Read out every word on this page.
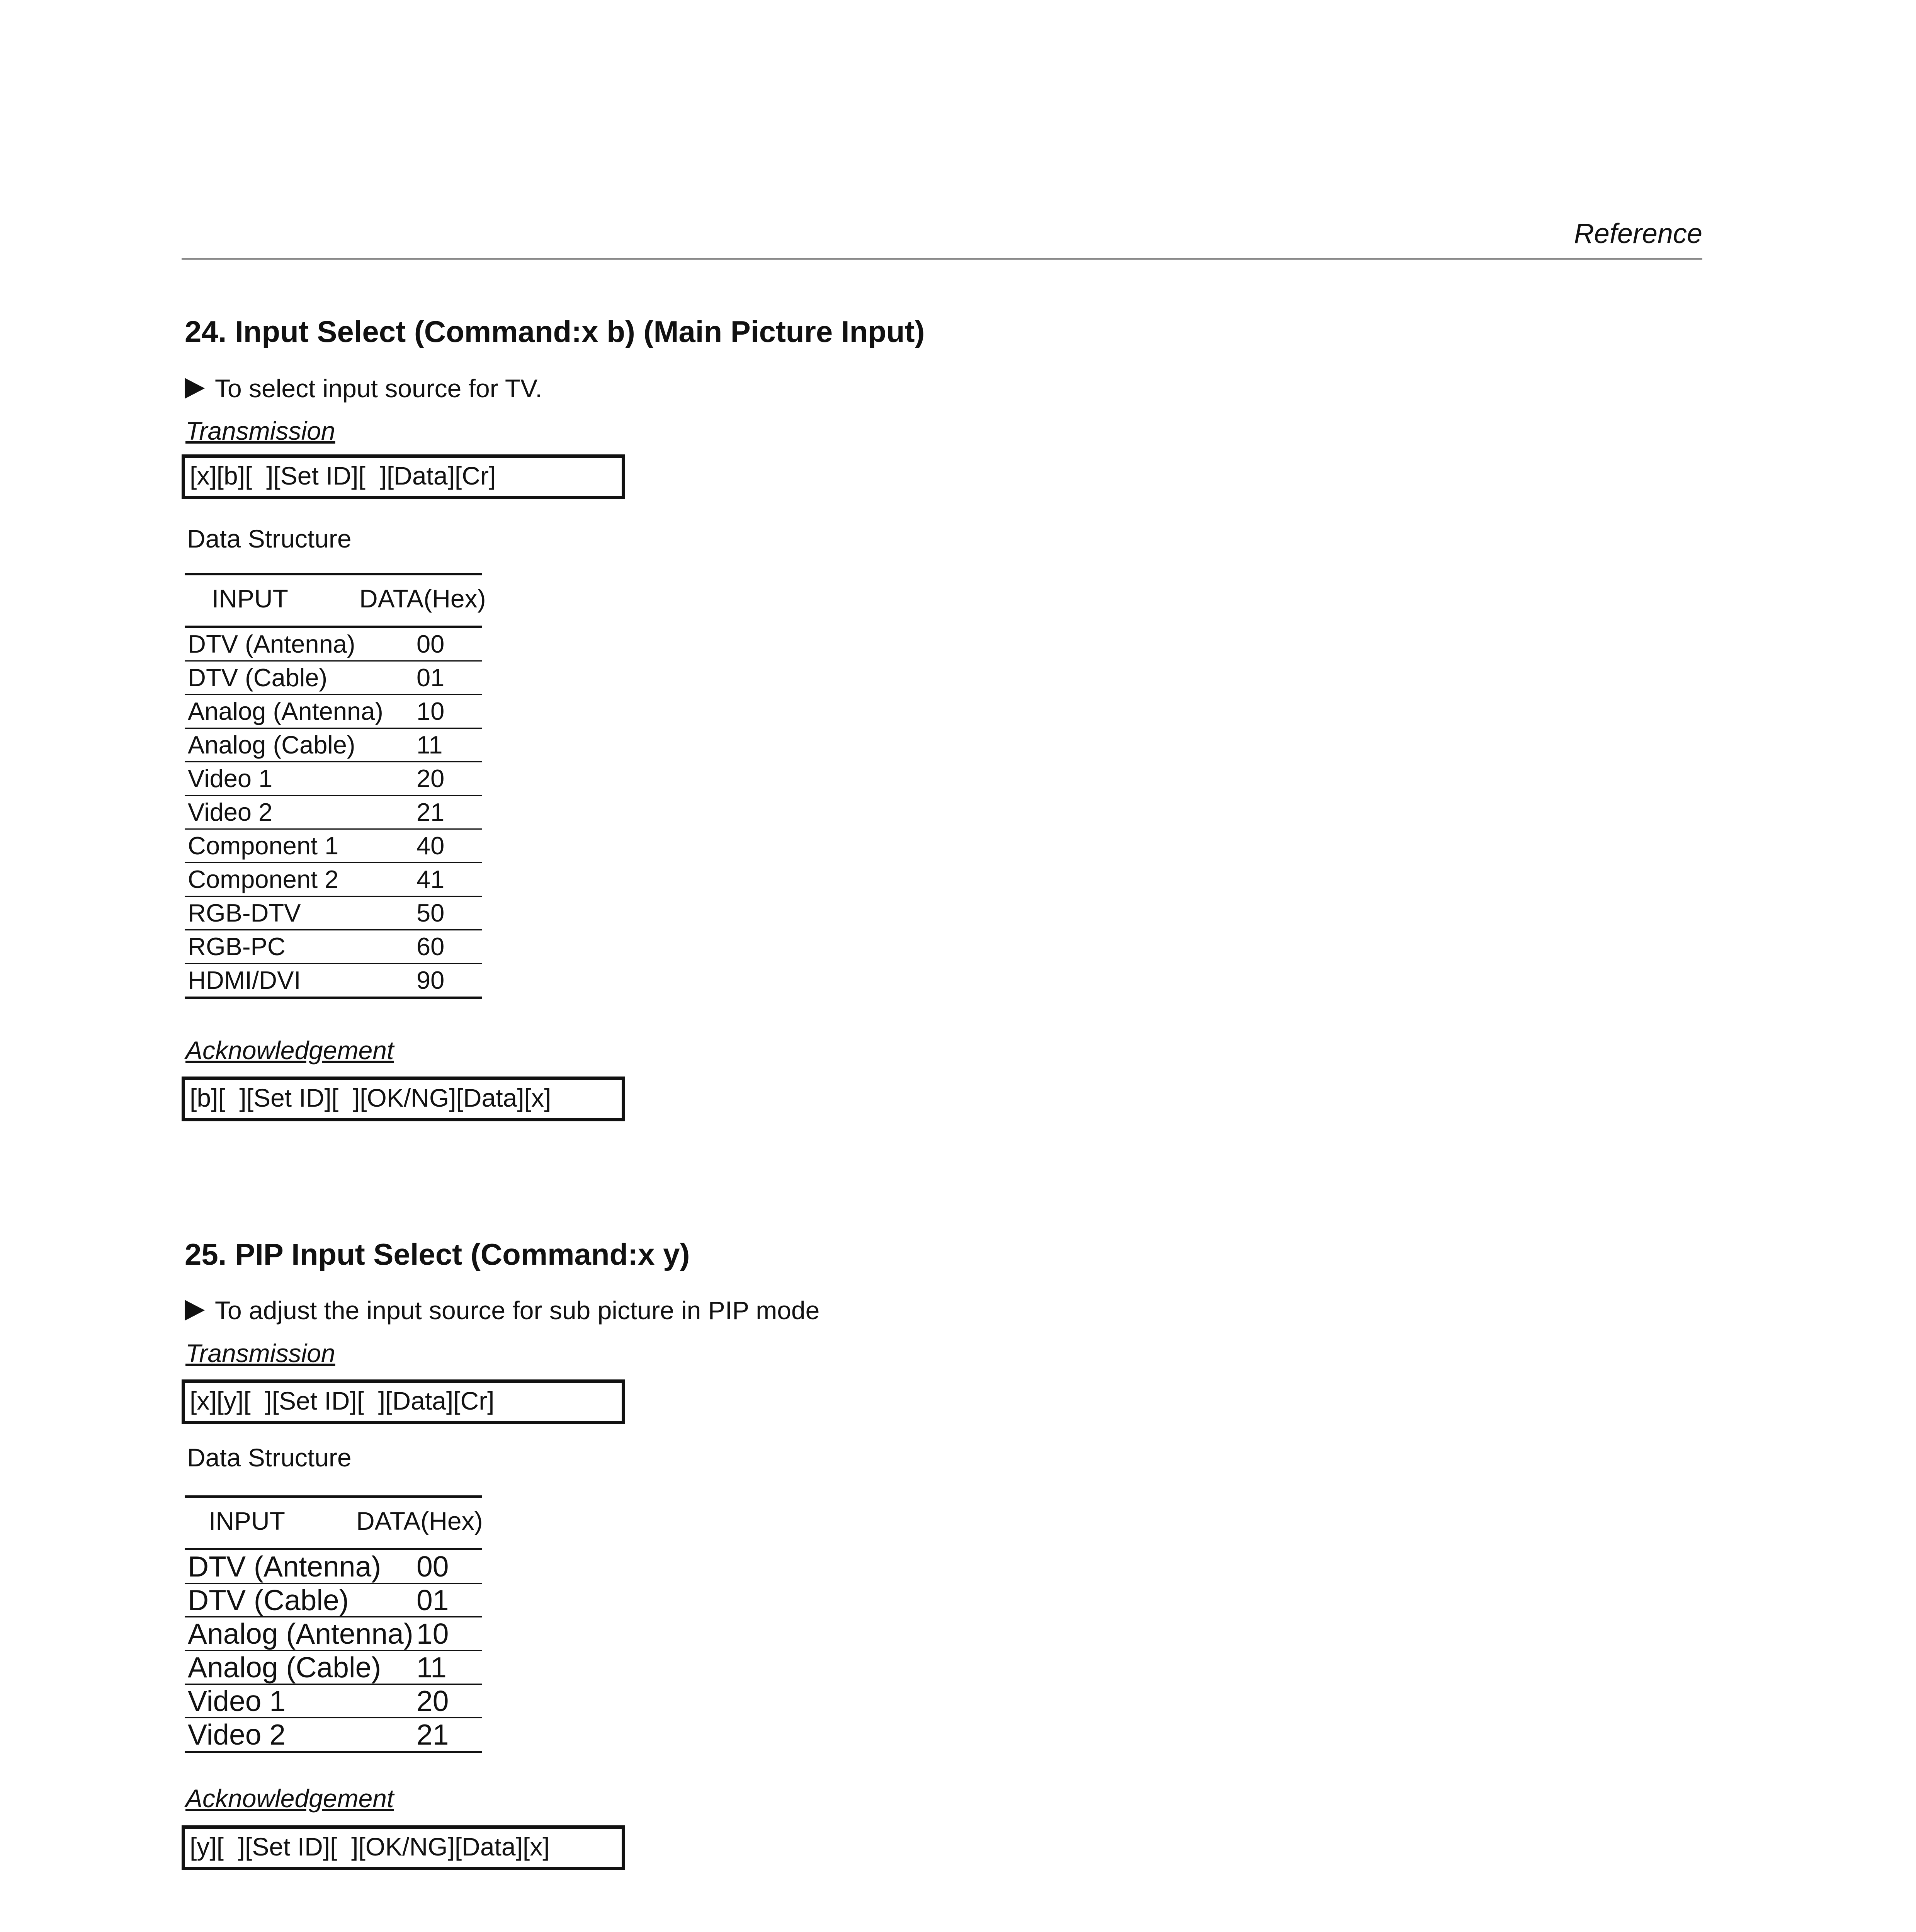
Reference
24. Input Select (Command:x b) (Main Picture Input)
To select input source for TV.
Transmission
[x][b][  ][Set ID][  ][Data][Cr]
Data Structure
INPUT	DATA(Hex)
DTV (Antenna) 00
DTV (Cable)	01
Analog (Antenna) 10
Analog (Cable) 11
Video 1	20
Video 2	21
Component 1	40
Component 2	41
RGB-DTV	50
RGB-PC	60
HDMI/DVI	90
Acknowledgement
[b][  ][Set ID][  ][OK/NG][Data][x]
25. PIP Input Select (Command:x y)
To adjust the input source for sub picture in PIP mode
Transmission
[x][y][  ][Set ID][  ][Data][Cr]
Data Structure
INPUT	DATA(Hex)
DTV (Antenna) 00
DTV (Cable) 01
Analog (Antenna) 10
Analog (Cable) 11
Video 1	20
Video 2	21
Acknowledgement
[y][  ][Set ID][  ][OK/NG][Data][x]
